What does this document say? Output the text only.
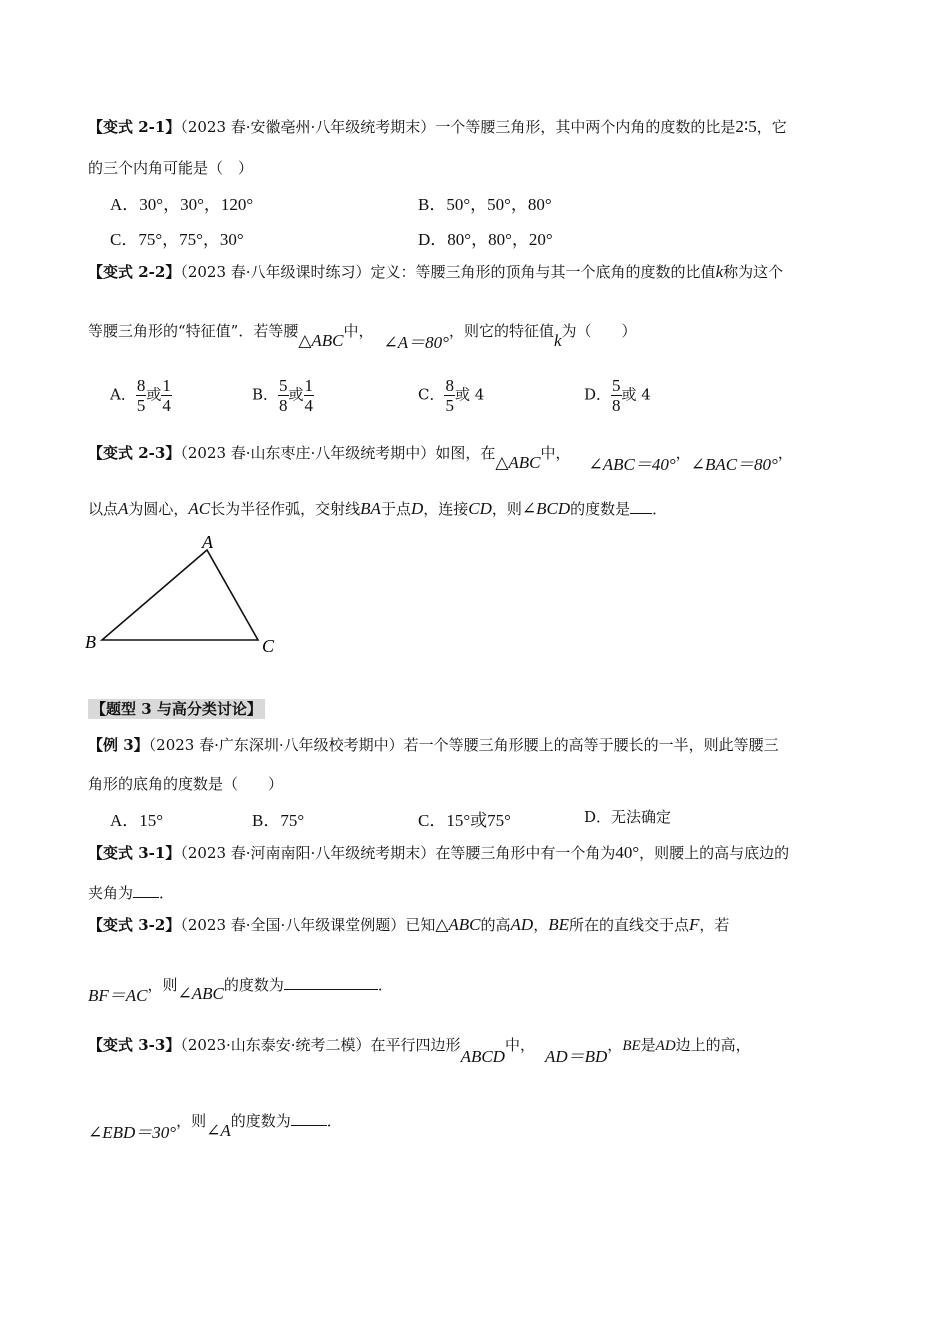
【变式 2-1】（2023 春·安徽亳州·八年级统考期末）一个等腰三角形，其中两个内角的度数的比是2∶5，它
的三个内角可能是（　）
A．30°，30°，120°	B．50°，50°，80°
C．75°，75°，30°	D．80°，80°，20°
【变式 2-2】（2023 春·八年级课时练习）定义：等腰三角形的顶角与其一个底角的度数的比值k称为这个
等腰三角形的“特征值”．若等腰△ABC中，∠A＝80°，则它的特征值k为（　　）
A． $\frac{8}{5}$ 或 $\frac{1}{4}$	B． $\frac{5}{8}$ 或 $\frac{1}{4}$	C． $\frac{8}{5}$ 或 4	D． $\frac{5}{8}$ 或 4
【变式 2-3】（2023 春·山东枣庄·八年级统考期中）如图，在△ABC中，∠ABC＝40°，∠BAC＝80°，
以点A为圆心，AC长为半径作弧，交射线BA于点D，连接CD，则∠BCD的度数是 ．
A
B	C
【题型 3 与高分类讨论】
【例 3】（2023 春·广东深圳·八年级校考期中）若一个等腰三角形腰上的高等于腰长的一半，则此等腰三
角形的底角的度数是（　　）
A．15°	B．75°	C．15°或75°	D．无法确定
【变式 3-1】（2023 春·河南南阳·八年级统考期末）在等腰三角形中有一个角为40°，则腰上的高与底边的
夹角为 ．
【变式 3-2】（2023 春·全国·八年级课堂例题）已知△ABC的高AD，BE所在的直线交于点F，若
BF＝AC，则∠ABC的度数为	．
【变式 3-3】（2023·山东泰安·统考二模）在平行四边形ABCD中，AD＝BD，BE是AD边上的高，
∠EBD＝30°，则∠A的度数为 ．
